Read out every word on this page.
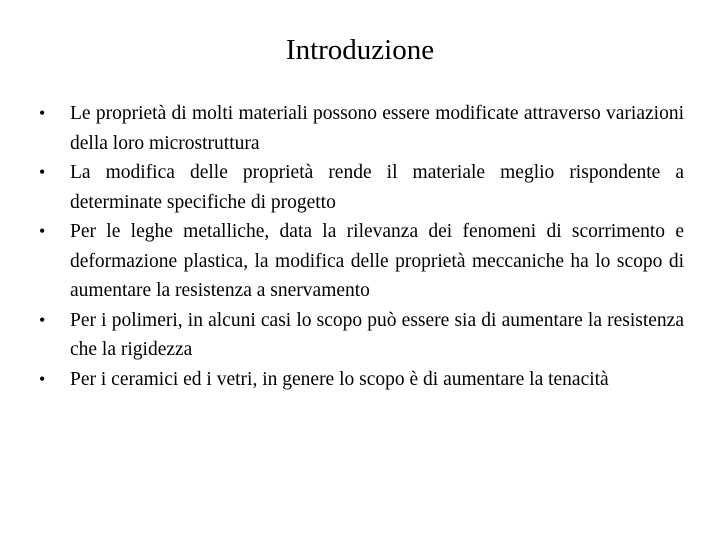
Introduzione
•	Le proprietà di molti materiali possono essere modificate attraverso variazioni della loro microstruttura
•	La modifica delle proprietà rende il materiale meglio rispondente a determinate specifiche di progetto
•	Per le leghe metalliche, data la rilevanza dei fenomeni di scorrimento e deformazione plastica, la modifica delle proprietà meccaniche ha lo scopo di aumentare la resistenza a snervamento
•	Per i polimeri, in alcuni casi lo scopo può essere sia di aumentare la resistenza che la rigidezza
•	Per i ceramici ed i vetri, in genere lo scopo è di aumentare la tenacità
